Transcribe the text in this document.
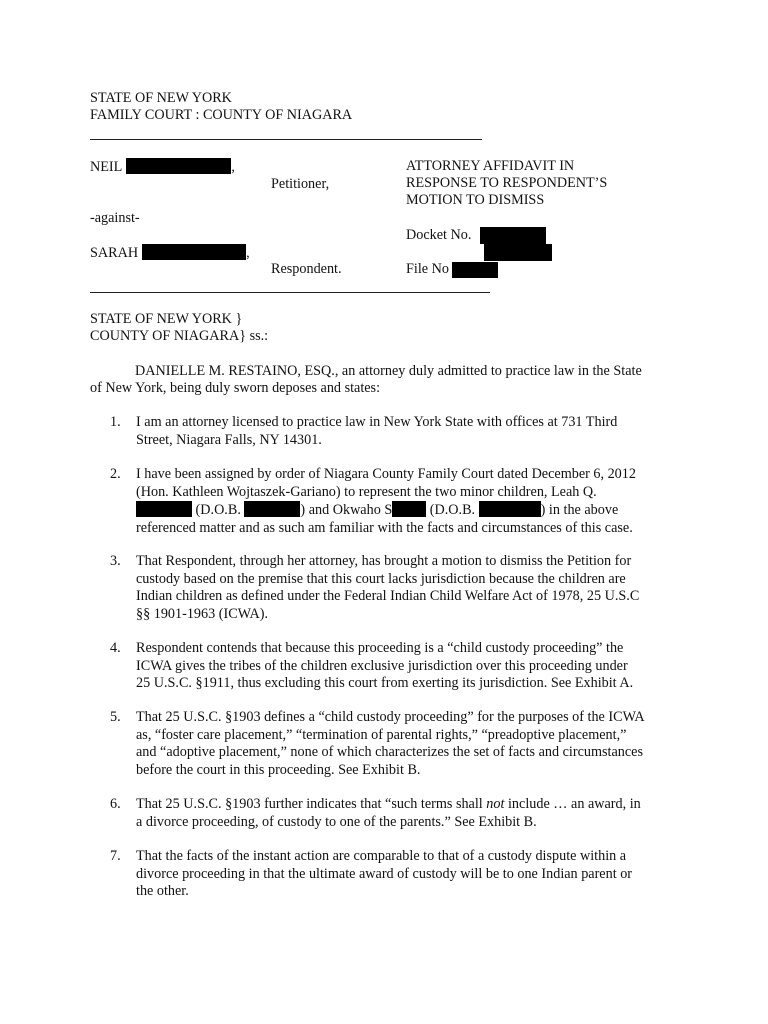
STATE OF NEW YORK
FAMILY COURT : COUNTY OF NIAGARA
NEIL	,
Petitioner,
-against-
SARAH	,
Respondent.
ATTORNEY AFFIDAVIT IN
RESPONSE TO RESPONDENT’S
MOTION TO DISMISS
Docket No.
File No
STATE OF NEW YORK }
COUNTY OF NIAGARA} ss.:
DANIELLE M. RESTAINO, ESQ., an attorney duly admitted to practice law in the State
of New York, being duly sworn deposes and states:
1. I am an attorney licensed to practice law in New York State with offices at 731 Third
Street, Niagara Falls, NY 14301.
2. I have been assigned by order of Niagara County Family Court dated December 6, 2012
(Hon. Kathleen Wojtaszek-Gariano) to represent the two minor children, Leah Q.
(D.O.B.	) and Okwaho S (D.O.B.	) in the above
referenced matter and as such am familiar with the facts and circumstances of this case.
3. That Respondent, through her attorney, has brought a motion to dismiss the Petition for
custody based on the premise that this court lacks jurisdiction because the children are
Indian children as defined under the Federal Indian Child Welfare Act of 1978, 25 U.S.C
§§ 1901-1963 (ICWA).
4. Respondent contends that because this proceeding is a “child custody proceeding” the
ICWA gives the tribes of the children exclusive jurisdiction over this proceeding under
25 U.S.C. §1911, thus excluding this court from exerting its jurisdiction. See Exhibit A.
5. That 25 U.S.C. §1903 defines a “child custody proceeding” for the purposes of the ICWA
as, “foster care placement,” “termination of parental rights,” “preadoptive placement,”
and “adoptive placement,” none of which characterizes the set of facts and circumstances
before the court in this proceeding. See Exhibit B.
6. That 25 U.S.C. §1903 further indicates that “such terms shall not include … an award, in
a divorce proceeding, of custody to one of the parents.” See Exhibit B.
7. That the facts of the instant action are comparable to that of a custody dispute within a
divorce proceeding in that the ultimate award of custody will be to one Indian parent or
the other.
